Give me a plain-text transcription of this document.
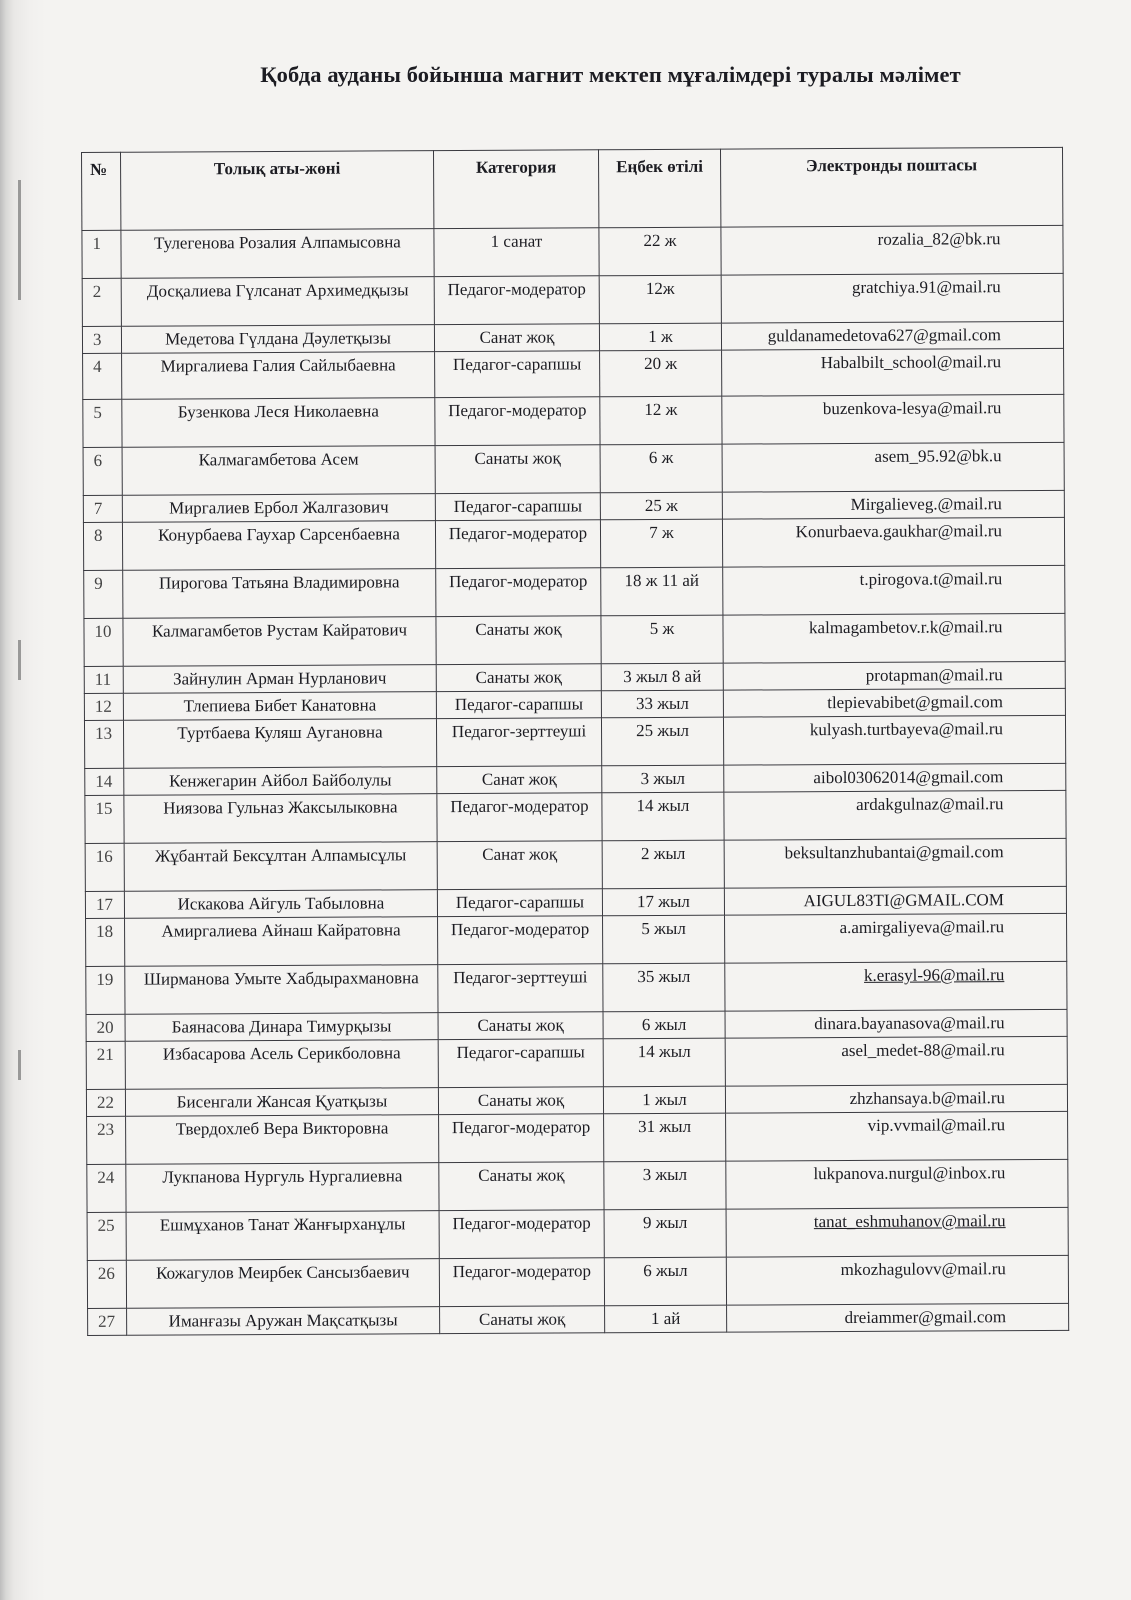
Қобда ауданы бойынша магнит мектеп мұғалімдері туралы мәлімет
№	Толық аты-жөні	Категория	Еңбек өтілі	Электронды поштасы
1	Тулегенова Розалия Алпамысовна	1 санат	22 ж	rozalia_82@bk.ru
2	Досқалиева Гүлсанат Архимедқызы	Педагог-модератор	12ж	gratchiya.91@mail.ru
3	Медетова Гүлдана Дәулетқызы	Санат жоқ	1 ж	guldanamedetova627@gmail.com
4	Миргалиева Галия Сайлыбаевна	Педагог-сарапшы	20 ж	Habalbilt_school@mail.ru
5	Бузенкова Леся Николаевна	Педагог-модератор	12 ж	buzenkova-lesya@mail.ru
6	Калмагамбетова Асем	Санаты жоқ	6 ж	asem_95.92@bk.u
7	Миргалиев Ербол Жалгазович	Педагог-сарапшы	25 ж	Mirgalieveg.@mail.ru
8	Конурбаева Гаухар Сарсенбаевна	Педагог-модератор	7 ж	Konurbaeva.gaukhar@mail.ru
9	Пирогова Татьяна Владимировна	Педагог-модератор	18 ж 11 ай	t.pirogova.t@mail.ru
10	Калмагамбетов Рустам Кайратович	Санаты жоқ	5 ж	kalmagambetov.r.k@mail.ru
11	Зайнулин Арман Нурланович	Санаты жоқ	3 жыл 8 ай	protapman@mail.ru
12	Тлепиева Бибет Канатовна	Педагог-сарапшы	33 жыл	tlepievabibet@gmail.com
13	Туртбаева Куляш Аугановна	Педагог-зерттеуші	25 жыл	kulyash.turtbayeva@mail.ru
14	Кенжегарин Айбол Байболулы	Санат жоқ	3 жыл	aibol03062014@gmail.com
15	Ниязова Гульназ Жаксылыковна	Педагог-модератор	14 жыл	ardakgulnaz@mail.ru
16	Жұбантай Бексұлтан Алпамысұлы	Санат жоқ	2 жыл	beksultanzhubantai@gmail.com
17	Искакова Айгуль Табыловна	Педагог-сарапшы	17 жыл	AIGUL83TI@GMAIL.COM
18	Амиргалиева Айнаш Кайратовна	Педагог-модератор	5 жыл	a.amirgaliyeva@mail.ru
19	Ширманова Умыте Хабдырахмановна	Педагог-зерттеуші	35 жыл	k.erasyl-96@mail.ru
20	Баянасова Динара Тимурқызы	Санаты жоқ	6 жыл	dinara.bayanasova@mail.ru
21	Избасарова Асель Серикболовна	Педагог-сарапшы	14 жыл	asel_medet-88@mail.ru
22	Бисенгали Жансая Қуатқызы	Санаты жоқ	1 жыл	zhzhansaya.b@mail.ru
23	Твердохлеб Вера Викторовна	Педагог-модератор	31 жыл	vip.vvmail@mail.ru
24	Лукпанова Нургуль Нургалиевна	Санаты жоқ	3 жыл	lukpanova.nurgul@inbox.ru
25	Ешмұханов Танат Жанғырханұлы	Педагог-модератор	9 жыл	tanat_eshmuhanov@mail.ru
26	Кожагулов Меирбек Сансызбаевич	Педагог-модератор	6 жыл	mkozhagulovv@mail.ru
27	Иманғазы Аружан Мақсатқызы	Санаты жоқ	1 ай	dreiammer@gmail.com
